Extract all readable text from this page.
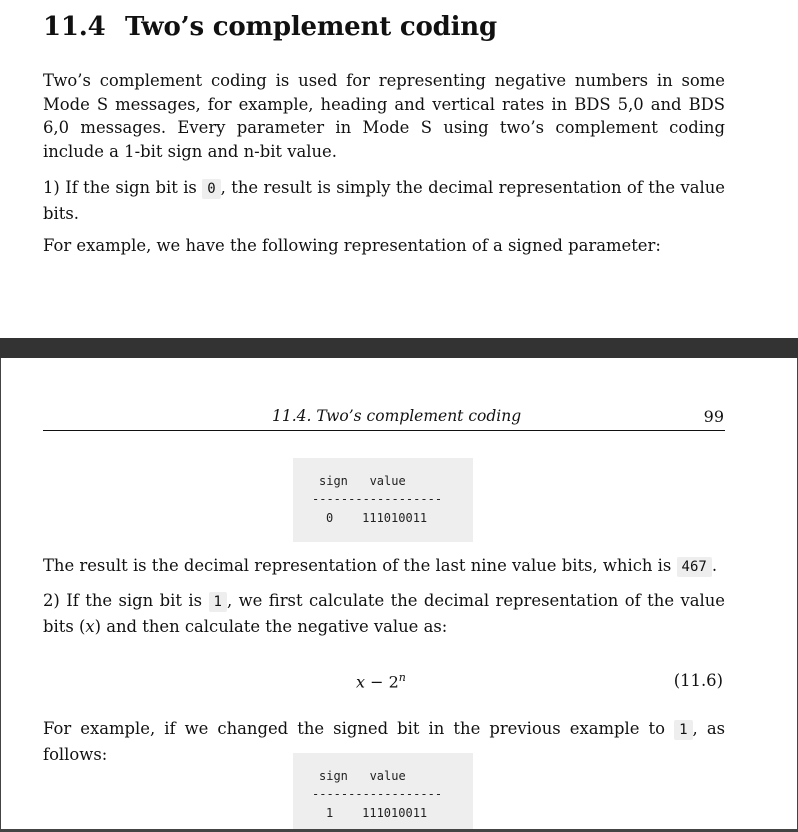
11.4 Two’s complement coding

Two’s complement coding is used for representing negative numbers in some Mode S messages, for example, heading and vertical rates in BDS 5,0 and BDS 6,0 messages. Every parameter in Mode S using two’s complement coding include a 1-bit sign and n-bit value.

1) If the sign bit is 0 , the result is simply the decimal representation of the value bits.

For example, we have the following representation of a signed parameter:

11.4. Two’s complement coding	99
sign   value
------------------
0    111010011

The result is the decimal representation of the last nine value bits, which is 467 .

2) If the sign bit is 1 , we first calculate the decimal representation of the value bits (x) and then calculate the negative value as:

$x - 2^n$	(11.6)

For example, if we changed the signed bit in the previous example to 1 , as follows:

sign   value
------------------
1    111010011
